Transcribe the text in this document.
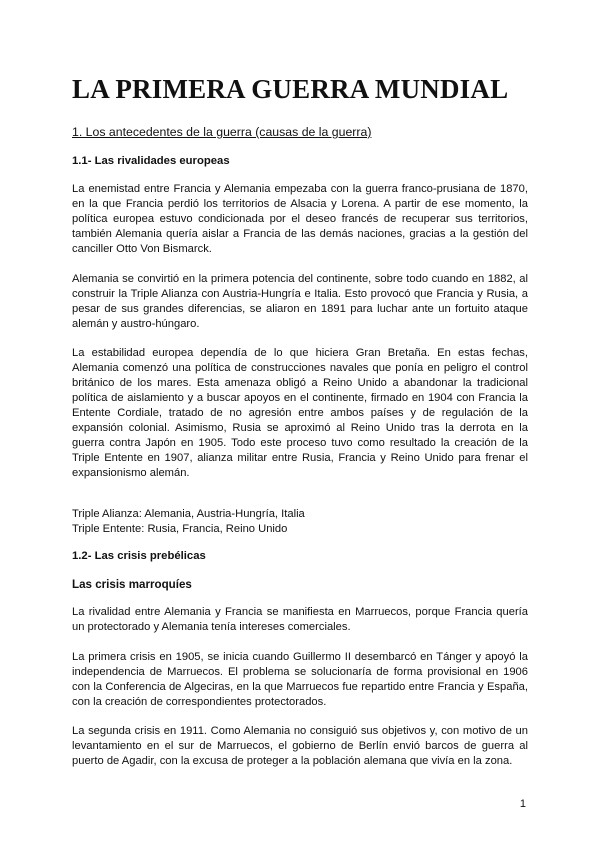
LA PRIMERA GUERRA MUNDIAL
1. Los antecedentes de la guerra (causas de la guerra)
1.1- Las rivalidades europeas

La enemistad entre Francia y Alemania empezaba con la guerra franco-prusiana de 1870, en la que Francia perdió los territorios de Alsacia y Lorena. A partir de ese momento, la política europea estuvo condicionada por el deseo francés de recuperar sus territorios, también Alemania quería aislar a Francia de las demás naciones, gracias a la gestión del canciller Otto Von Bismarck.

Alemania se convirtió en la primera potencia del continente, sobre todo cuando en 1882, al construir la Triple Alianza con Austria-Hungría e Italia. Esto provocó que Francia y Rusia, a pesar de sus grandes diferencias, se aliaron en 1891 para luchar ante un fortuito ataque alemán y austro-húngaro.

La estabilidad europea dependía de lo que hiciera Gran Bretaña. En estas fechas, Alemania comenzó una política de construcciones navales que ponía en peligro el control británico de los mares. Esta amenaza obligó a Reino Unido a abandonar la tradicional política de aislamiento y a buscar apoyos en el continente, firmado en 1904 con Francia la Entente Cordiale, tratado de no agresión entre ambos países y de regulación de la expansión colonial. Asimismo, Rusia se aproximó al Reino Unido tras la derrota en la guerra contra Japón en 1905. Todo este proceso tuvo como resultado la creación de la Triple Entente en 1907, alianza militar entre Rusia, Francia y Reino Unido para frenar el expansionismo alemán.

Triple Alianza: Alemania, Austria-Hungría, Italia
Triple Entente: Rusia, Francia, Reino Unido
1.2- Las crisis prebélicas
Las crisis marroquíes

La rivalidad entre Alemania y Francia se manifiesta en Marruecos, porque Francia quería un protectorado y Alemania tenía intereses comerciales.

La primera crisis en 1905, se inicia cuando Guillermo II desembarcó en Tánger y apoyó la independencia de Marruecos. El problema se solucionaría de forma provisional en 1906 con la Conferencia de Algeciras, en la que Marruecos fue repartido entre Francia y España, con la creación de correspondientes protectorados.

La segunda crisis en 1911. Como Alemania no consiguió sus objetivos y, con motivo de un levantamiento en el sur de Marruecos, el gobierno de Berlín envió barcos de guerra al puerto de Agadir, con la excusa de proteger a la población alemana que vivía en la zona.

1
